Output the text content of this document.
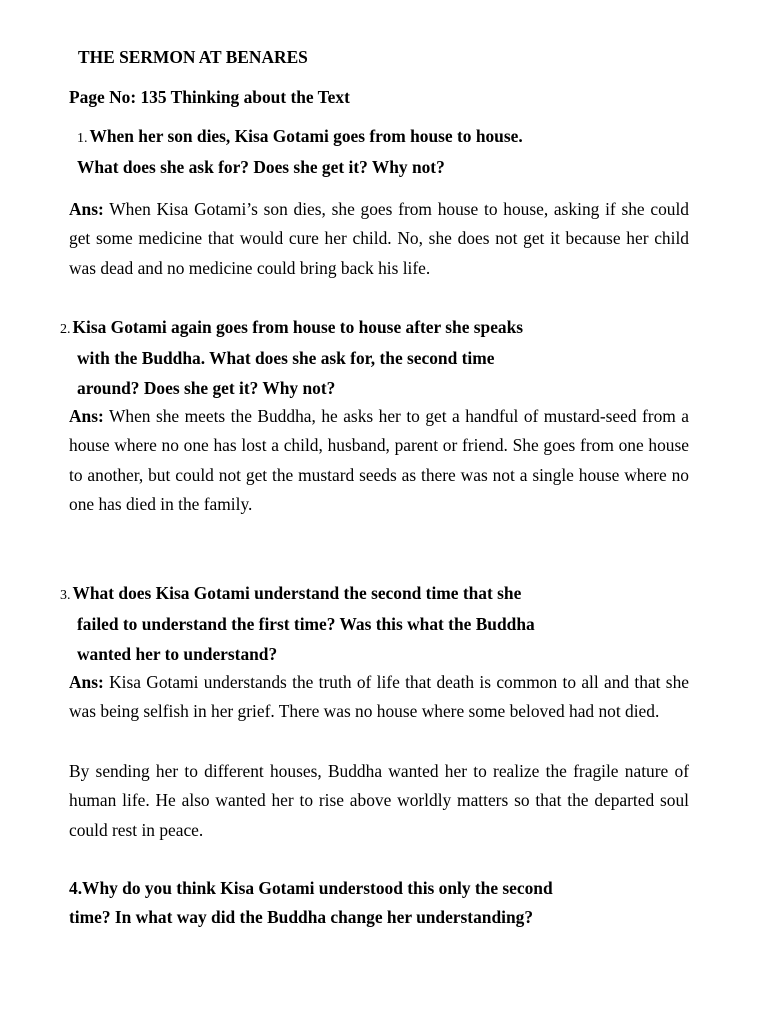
THE SERMON AT BENARES
Page No: 135 Thinking about the Text
1. When her son dies, Kisa Gotami goes from house to house.
What does she ask for? Does she get it? Why not?
Ans: When Kisa Gotami’s son dies, she goes from house to house, asking if she could get some medicine that would cure her child. No, she does not get it because her child was dead and no medicine could bring back his life.
2. Kisa Gotami again goes from house to house after she speaks
with the Buddha. What does she ask for, the second time
around? Does she get it? Why not?
Ans: When she meets the Buddha, he asks her to get a handful of mustard-seed from a house where no one has lost a child, husband, parent or friend. She goes from one house to another, but could not get the mustard seeds as there was not a single house where no one has died in the family.
3. What does Kisa Gotami understand the second time that she
failed to understand the first time? Was this what the Buddha
wanted her to understand?
Ans: Kisa Gotami understands the truth of life that death is common to all and that she was being selfish in her grief. There was no house where some beloved had not died.
By sending her to different houses, Buddha wanted her to realize the fragile nature of human life. He also wanted her to rise above worldly matters so that the departed soul could rest in peace.
4.Why do you think Kisa Gotami understood this only the second
time? In what way did the Buddha change her understanding?
